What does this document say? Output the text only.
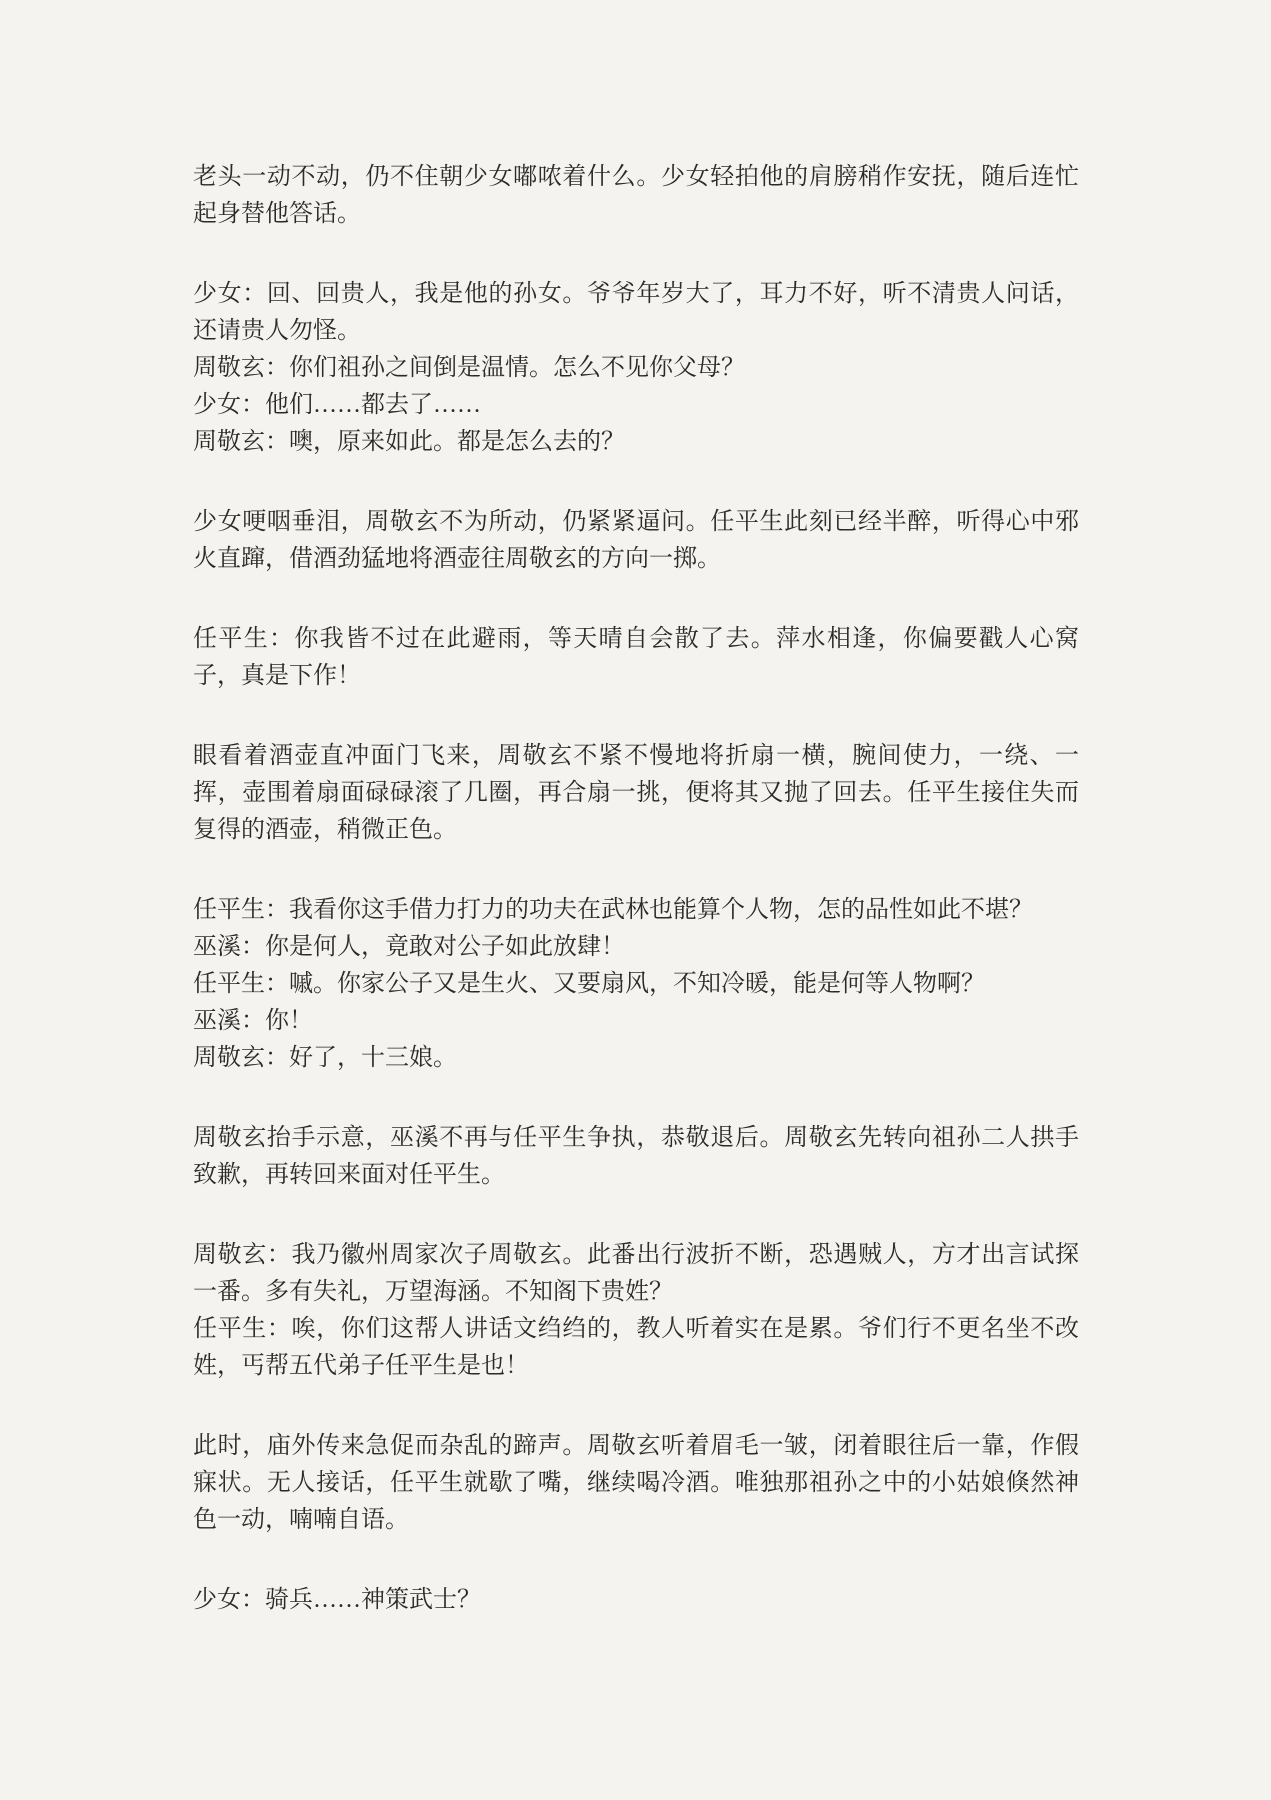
老头一动不动，仍不住朝少女嘟哝着什么。少女轻拍他的肩膀稍作安抚，随后连忙起身替他答话。

少女：回、回贵人，我是他的孙女。爷爷年岁大了，耳力不好，听不清贵人问话，还请贵人勿怪。

周敬玄：你们祖孙之间倒是温情。怎么不见你父母？

少女：他们……都去了……

周敬玄：噢，原来如此。都是怎么去的？

少女哽咽垂泪，周敬玄不为所动，仍紧紧逼问。任平生此刻已经半醉，听得心中邪火直蹿，借酒劲猛地将酒壶往周敬玄的方向一掷。

任平生：你我皆不过在此避雨，等天晴自会散了去。萍水相逢，你偏要戳人心窝子，真是下作！

眼看着酒壶直冲面门飞来，周敬玄不紧不慢地将折扇一横，腕间使力，一绕、一挥，壶围着扇面碌碌滚了几圈，再合扇一挑，便将其又抛了回去。任平生接住失而复得的酒壶，稍微正色。

任平生：我看你这手借力打力的功夫在武林也能算个人物，怎的品性如此不堪？

巫溪：你是何人，竟敢对公子如此放肆！

任平生：嘁。你家公子又是生火、又要扇风，不知冷暖，能是何等人物啊？

巫溪：你！

周敬玄：好了，十三娘。

周敬玄抬手示意，巫溪不再与任平生争执，恭敬退后。周敬玄先转向祖孙二人拱手致歉，再转回来面对任平生。

周敬玄：我乃徽州周家次子周敬玄。此番出行波折不断，恐遇贼人，方才出言试探一番。多有失礼，万望海涵。不知阁下贵姓？

任平生：唉，你们这帮人讲话文绉绉的，教人听着实在是累。爷们行不更名坐不改姓，丐帮五代弟子任平生是也！

此时，庙外传来急促而杂乱的蹄声。周敬玄听着眉毛一皱，闭着眼往后一靠，作假寐状。无人接话，任平生就歇了嘴，继续喝冷酒。唯独那祖孙之中的小姑娘倏然神色一动，喃喃自语。

少女：骑兵……神策武士？
